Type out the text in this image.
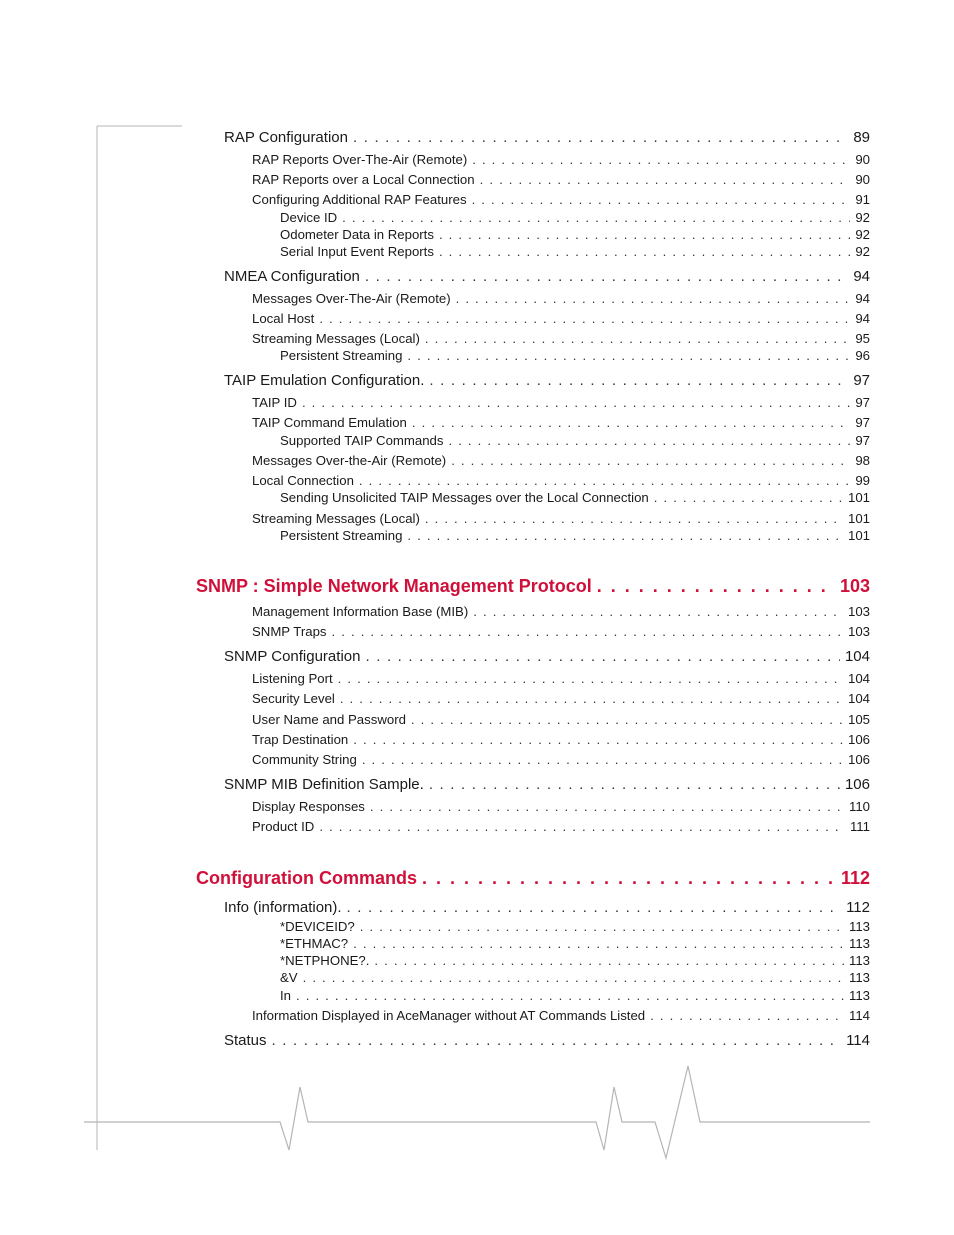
RAP Configuration . . .	89
RAP Reports Over-The-Air (Remote) . . .	90
RAP Reports over a Local Connection . . .	90
Configuring Additional RAP Features . . .	91
Device ID . . .	92
Odometer Data in Reports . . .	92
Serial Input Event Reports . . .	92
NMEA Configuration . . .	94
Messages Over-The-Air (Remote) . . .	94
Local Host . . .	94
Streaming Messages (Local) . . .	95
Persistent Streaming . . .	96
TAIP Emulation Configuration. . . .	97
TAIP ID . . .	97
TAIP Command Emulation . . .	97
Supported TAIP Commands . . .	97
Messages Over-the-Air (Remote) . . .	98
Local Connection . . .	99
Sending Unsolicited TAIP Messages over the Local Connection . . .	101
Streaming Messages (Local) . . .	101
Persistent Streaming . . .	101
SNMP : Simple Network Management Protocol . . .	103
Management Information Base (MIB) . . .	103
SNMP Traps . . .	103
SNMP Configuration . . .	104
Listening Port . . .	104
Security Level . . .	104
User Name and Password . . .	105
Trap Destination . . .	106
Community String . . .	106
SNMP MIB Definition Sample. . . .	106
Display Responses . . .	110
Product ID . . .	111
Configuration Commands . . .	112
Info (information). . . .	112
*DEVICEID? . . .	113
*ETHMAC? . . .	113
*NETPHONE?. . . .	113
&V . . .	113
In . . .	113
Information Displayed in AceManager without AT Commands Listed . . .	114
Status . . .	114
